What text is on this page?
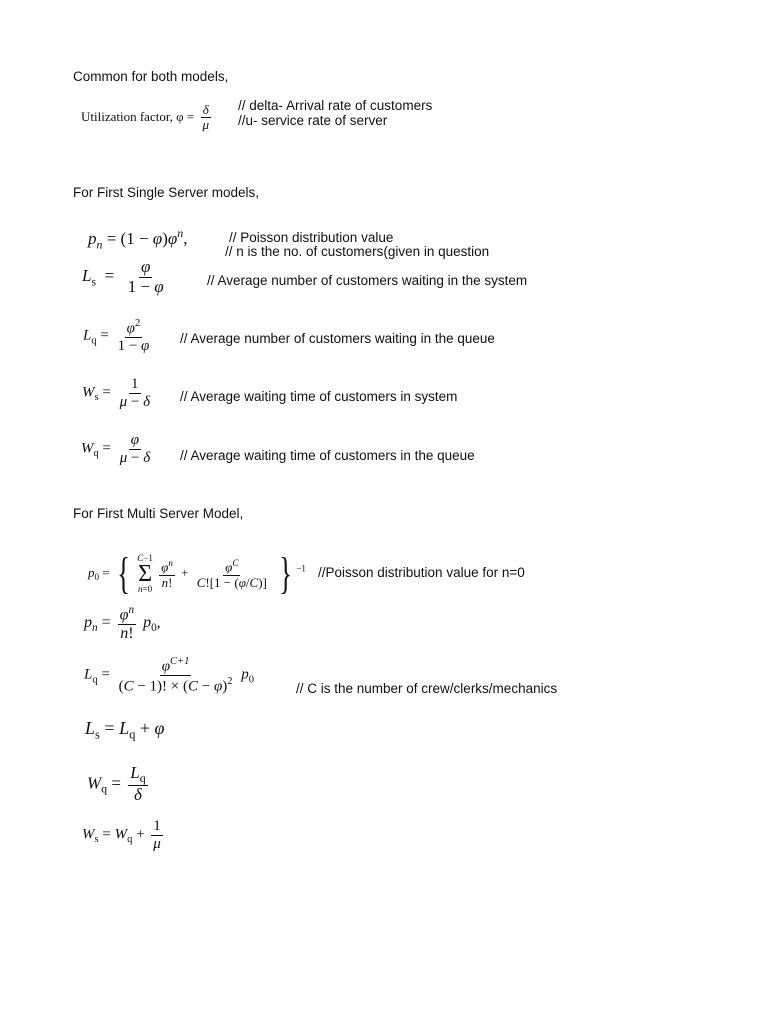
Common for both models,
Utilization factor, $\varphi = \frac{\delta}{\mu}$ // delta- Arrival rate of customers
//u- service rate of server
For First Single Server models,
$p_n = (1 - \varphi)\varphi^n$,	// Poisson distribution value
// n is the no. of customers(given in question
$L_s = \frac{\varphi}{1 - \varphi}$	// Average number of customers waiting in the system
$L_q = \frac{\varphi^2}{1 - \varphi}$ // Average number of customers waiting in the queue
$W_s = \frac{1}{\mu - \delta}$ // Average waiting time of customers in system
$W_q = \frac{\varphi}{\mu - \delta}$ // Average waiting time of customers in the queue
For First Multi Server Model,
$p_0$ = { C−1
Σ
n=0
$\frac{\varphi^n}{n!} + \frac{\varphi^C}{C![1 - (\varphi/C)]}$ } $^{-1}$ //Poisson distribution value for n=0
$p_n = \frac{\varphi^n}{n!} p_0$,
$L_q = \frac{\varphi^{C+1}}{(C - 1)! \times (C - \varphi)^2} p_0$
// C is the number of crew/clerks/mechanics
$L_s = L_q + \varphi$
$W_q = \frac{L_q}{\delta}$
$W_s = W_q + \frac{1}{\mu}$
